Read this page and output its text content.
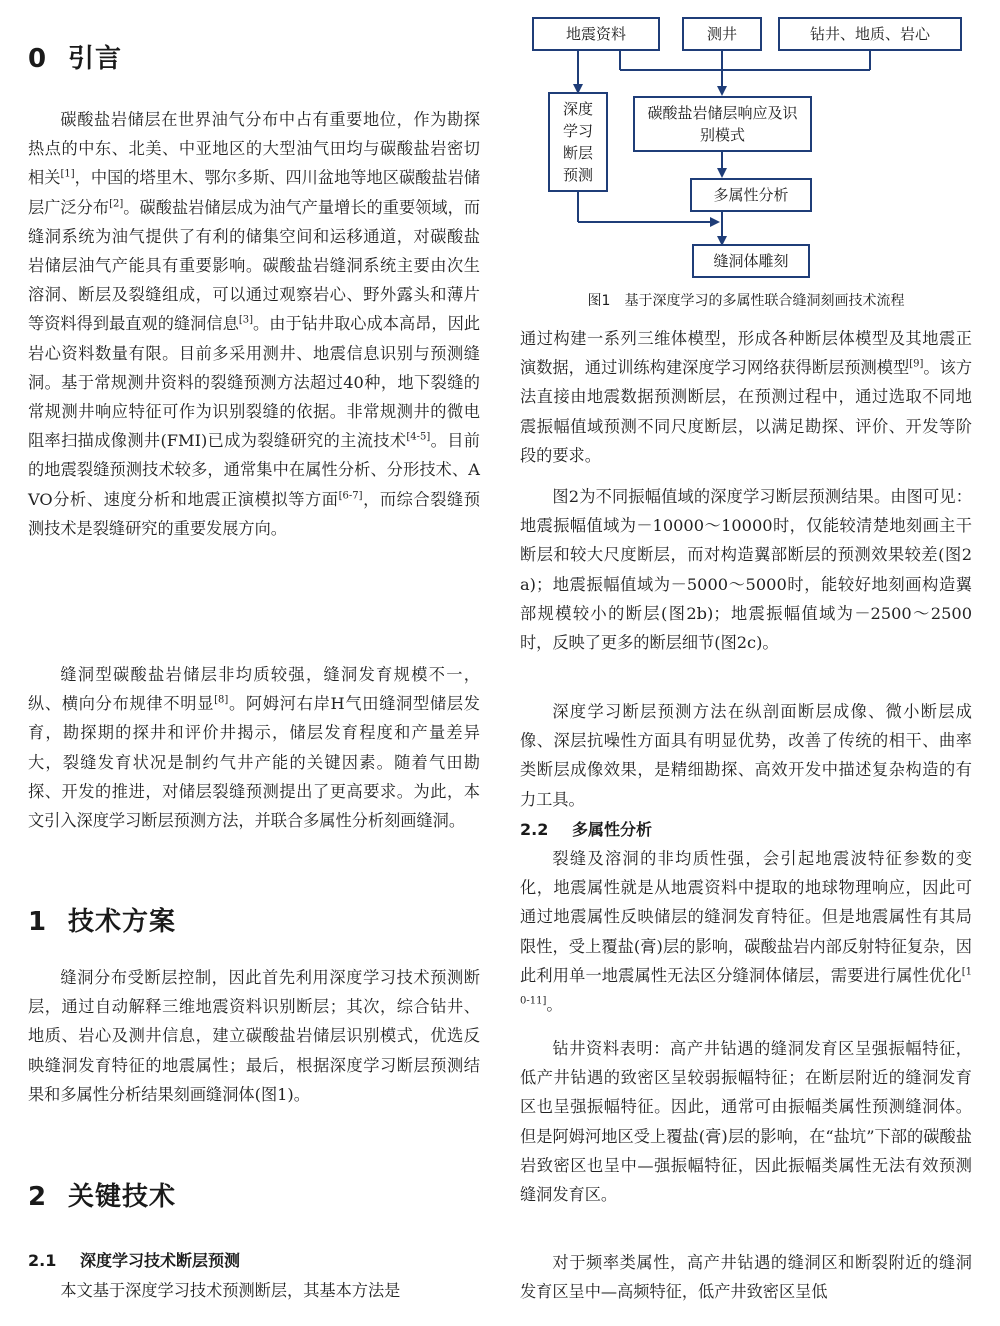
0 引言

碳酸盐岩储层在世界油气分布中占有重要地位，作为勘探热点的中东、北美、中亚地区的大型油气田均与碳酸盐岩密切相关[1]，中国的塔里木、鄂尔多斯、四川盆地等地区碳酸盐岩储层广泛分布[2]。碳酸盐岩储层成为油气产量增长的重要领域，而缝洞系统为油气提供了有利的储集空间和运移通道，对碳酸盐岩储层油气产能具有重要影响。碳酸盐岩缝洞系统主要由次生溶洞、断层及裂缝组成，可以通过观察岩心、野外露头和薄片等资料得到最直观的缝洞信息[3]。由于钻井取心成本高昂，因此岩心资料数量有限。目前多采用测井、地震信息识别与预测缝洞。基于常规测井资料的裂缝预测方法超过40种，地下裂缝的常规测井响应特征可作为识别裂缝的依据。非常规测井的微电阻率扫描成像测井(FMI)已成为裂缝研究的主流技术[4-5]。目前的地震裂缝预测技术较多，通常集中在属性分析、分形技术、AVO分析、速度分析和地震正演模拟等方面[6-7]，而综合裂缝预测技术是裂缝研究的重要发展方向。

缝洞型碳酸盐岩储层非均质较强，缝洞发育规模不一，纵、横向分布规律不明显[8]。阿姆河右岸H气田缝洞型储层发育，勘探期的探井和评价井揭示，储层发育程度和产量差异大，裂缝发育状况是制约气井产能的关键因素。随着气田勘探、开发的推进，对储层裂缝预测提出了更高要求。为此，本文引入深度学习断层预测方法，并联合多属性分析刻画缝洞。

1 技术方案

缝洞分布受断层控制，因此首先利用深度学习技术预测断层，通过自动解释三维地震资料识别断层；其次，综合钻井、地质、岩心及测井信息，建立碳酸盐岩储层识别模式，优选反映缝洞发育特征的地震属性；最后，根据深度学习断层预测结果和多属性分析结果刻画缝洞体(图1)。

2 关键技术
2.1 深度学习技术断层预测

本文基于深度学习技术预测断层，其基本方法是

地震资料	测井	钻井、地质、岩心
深度学习断层预测
碳酸盐岩储层响应及识别模式
多属性分析
缝洞体雕刻
图1　基于深度学习的多属性联合缝洞刻画技术流程

通过构建一系列三维体模型，形成各种断层体模型及其地震正演数据，通过训练构建深度学习网络获得断层预测模型[9]。该方法直接由地震数据预测断层，在预测过程中，通过选取不同地震振幅值域预测不同尺度断层，以满足勘探、评价、开发等阶段的要求。

图2为不同振幅值域的深度学习断层预测结果。由图可见：地震振幅值域为－10000～10000时，仅能较清楚地刻画主干断层和较大尺度断层，而对构造翼部断层的预测效果较差(图2a)；地震振幅值域为－5000～5000时，能较好地刻画构造翼部规模较小的断层(图2b)；地震振幅值域为－2500～2500时，反映了更多的断层细节(图2c)。

深度学习断层预测方法在纵剖面断层成像、微小断层成像、深层抗噪性方面具有明显优势，改善了传统的相干、曲率类断层成像效果，是精细勘探、高效开发中描述复杂构造的有力工具。

2.2 多属性分析

裂缝及溶洞的非均质性强，会引起地震波特征参数的变化，地震属性就是从地震资料中提取的地球物理响应，因此可通过地震属性反映储层的缝洞发育特征。但是地震属性有其局限性，受上覆盐(膏)层的影响，碳酸盐岩内部反射特征复杂，因此利用单一地震属性无法区分缝洞体储层，需要进行属性优化[10-11]。

钻井资料表明：高产井钻遇的缝洞发育区呈强振幅特征，低产井钻遇的致密区呈较弱振幅特征；在断层附近的缝洞发育区也呈强振幅特征。因此，通常可由振幅类属性预测缝洞体。但是阿姆河地区受上覆盐(膏)层的影响，在“盐坑”下部的碳酸盐岩致密区也呈中—强振幅特征，因此振幅类属性无法有效预测缝洞发育区。

对于频率类属性，高产井钻遇的缝洞区和断裂附近的缝洞发育区呈中—高频特征，低产井致密区呈低
